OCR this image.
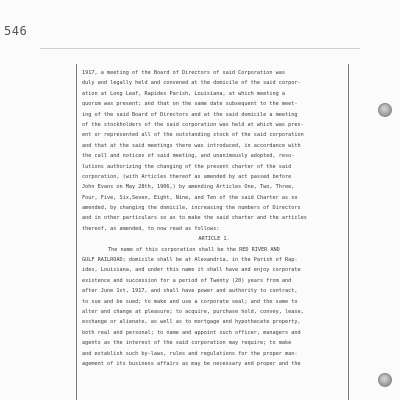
546
1917, a meeting of the Board of Directors of said Corporation was
duly and legally held and convened at the domicile of the said corpor-
ation at Long Leaf, Rapides Parish, Louisiana, at which meeting a
quorum was present; and that on the same date subsequent to the meet-
ing of the said Board of Directors and at the said domicile a meeting
of the stockholders of the said corporation was held at which was pres-
ent or represented all of the outstanding stock of the said corporation
and that at the said meetings there was introduced, in accordance with
the call and notices of said meeting, and unanimously adopted, reso-
lutions authorizing the changing of the present charter of the said
corporation, (with Articles thereof as amended by act passed before
John Evans on May 28th, 1906,) by amending Articles One, Two, Three,
Four, Five, Six,Seven, Eight, Nine, and Ten of the said Charter as so
amended, by changing the domicile, increasing the numbers of Directors
and in other particulars so as to make the said charter and the articles
thereof, as amended, to now read as follows:
ARTICLE 1.
The name of this corporation shall be the RED RIVER AND
GULF RAILROAD; domicile shall be at Alexandria, in the Parish of Rap-
ides, Louisiana, and under this name it shall have and enjoy corporate
existence and succession for a period of Twenty (20) years from and
after June 1st, 1917, and shall have power and authority to contract,
to sue and be sued; to make and use a corporate seal; and the same to
alter and change at pleasure; to acquire, purchase hold, convey, lease,
exchange or alienate, as well as to mortgage and hypothecate property,
both real and personal; to name and appoint such officer, managers and
agents as the interest of the said corporation may require; to make
and establish such by-laws, rules and regulations for the proper man-
agement of its business affairs as may be necessary and proper and the
